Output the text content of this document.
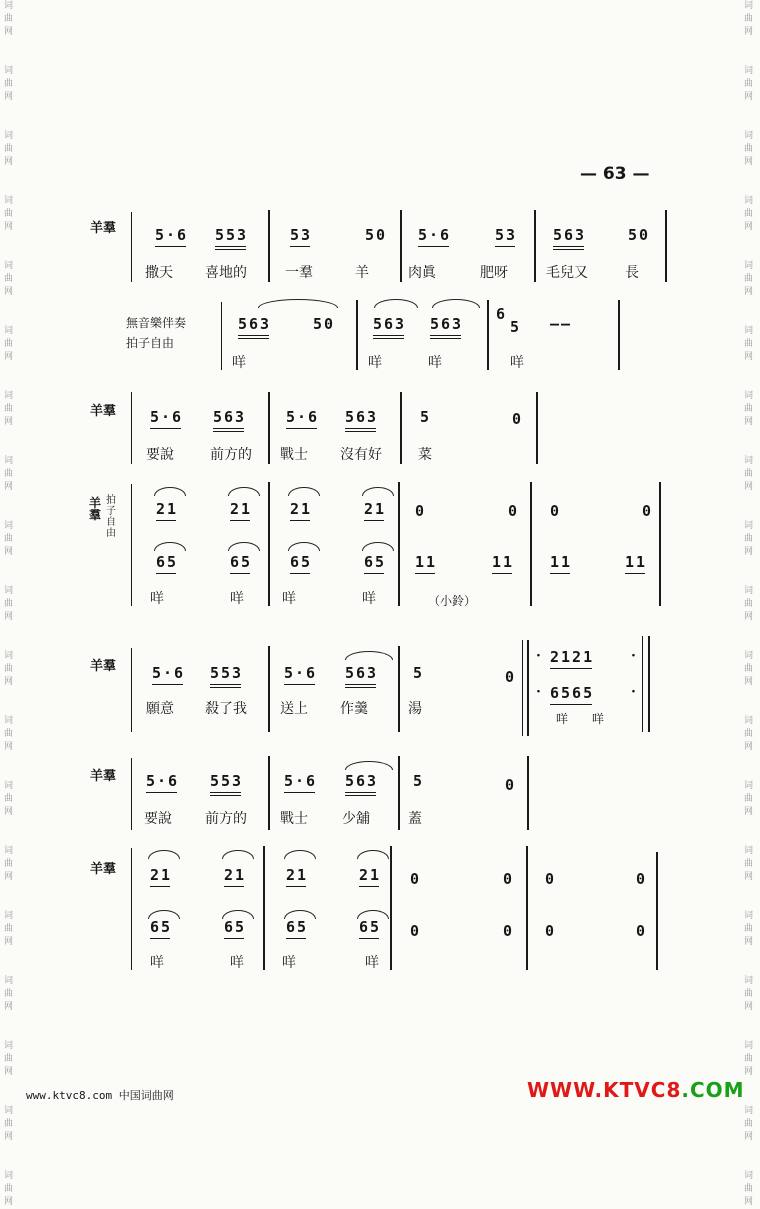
词
曲
网

词
曲
网

词
曲
网

词
曲
网

词
曲
网

词
曲
网

词
曲
网

词
曲
网

词
曲
网

词
曲
网

词
曲
网

词
曲
网

词
曲
网

词
曲
网

词
曲
网

词
曲
网

词
曲
网

词
曲
网

词
曲
网

词
曲
网

词
曲
网

词
曲
网

词
曲
网

词
曲
网

词
曲
网

词
曲
网

词
曲
网

词
曲
网

词
曲
网

词
曲
网

词
曲
网

词
曲
网

词
曲
网

词
曲
网

词
曲
网

词
曲
网

词
曲
网

词
曲
网

— 63 —
羊羣	5·6 553	53	50 5·6	53 563	50
撒天 喜地的	一羣	羊	肉眞	肥呀	毛兒又	長
無音樂伴奏
拍子自由
563	50	563 563
6
5 ——
咩	咩	咩	咩
羊羣 5·6 563	5·6 563	5	0
要說	前方的 戰士 沒有好	菜
羊
羣
拍
子
自
由
21	21	21	21 0	0 0	0
65	65	65	65 11	11 11	11
咩	咩	咩	咩	（小鈴）
羊羣 5·6 553	5·6 563 5	0
·
·
·
·
2121
6565
咩 咩
願意 殺了我 送上 作羹	湯
羊羣 5·6 553	5·6 563 5	0
要說 前方的 戰士 少舖	蓋
羊羣 21	21	21	21 0	0 0	0
65	65	65	65 0	0 0	0
咩	咩	咩	咩
www.ktvc8.com 中国词曲网	WWW.KTVC8.COM
